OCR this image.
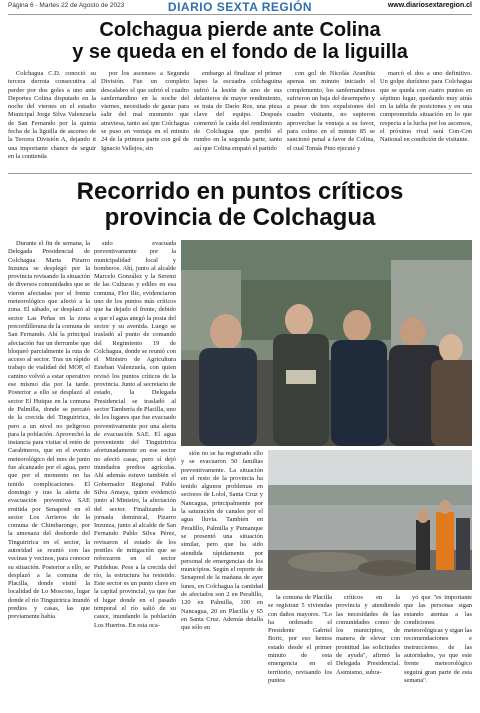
Página 6 - Martes 22 de Agosto de 2023	DIARIO SEXTA REGIÓN	www.diariosextaregion.cl
Colchagua pierde ante Colina
y se queda en el fondo de la liguilla

Colchagua C.D. conoció su tercera derrota consecutiva al perder por dos goles a uno ante Deportes Colina disputado en la noche del viernes en el estadio Municipal Jorge Silva Valenzuela de San Fernando por la quinta fecha de la liguilla de ascenso de la Tercera División A, dejando it una importante chance de seguir en la contienda

por los ascensos a Segunda División. Fue un completo descalabro el que sufrió el cuadro sanfernandino en la noche del viernes, necesitado de ganar para salir del mal momento que atraviesa, tanto así que Colchagua se puso en ventaja en el minuto 24 de la primera parte con gol de Ignacio Vallejos, sin

embargo al finalizar el primer lapso la escuadra colchaguina sufrió la lesión de uno de sus delanteros de mayor rendimiento, se trata de Darío Ros, una pieza clave del equipo. Después comenzó la caída del rendimiento de Colchagua que perdió el rumbo en la segunda parte, tanto así que Colina empató el partido

con gol de Nicolás Aranibia apenas un minuto iniciado el complemento, los sanfernandinos sufrieron un baja del desempeño y a pesar de tres expulsiones del cuadro visitante, no supieron aprovechar la ventaja a su favor, para colmo en el minuto 85 se sancionó penal a favor de Colina, el cual Tomás Pino ejecutó y

marcó el dos a uno definitivo. Un golpe durísimo para Colchagua que se queda con cuatro puntos en séptimo lugar, quedando muy atrás en la tabla de posiciones y en una comprometida situación en lo que respecta a la lucha por los ascensos, el próximo rival será Con-Con National en condición de visitante.

Recorrido en puntos críticos
provincia de Colchagua

Durante el fin de semana, la Delegada Presidencial de Colchagua Marta Pizarro Inzunza se desplegó por la provincia revisando la situación de diversos comunidades que se vieron afectadas por el frente meteorológico que afectó a la zona. El sábado, se desplazó al sector Las Peñas en la zona precordillerana de la comuna de San Fernando. Ahí la principal afectación fue un derrumbe que bloqueó parcialmente la ruta de acceso al sector. Tras un rápido trabajo de vialidad del MOP, el camino volvió a estar operativo ese mismo día por la tarde. Posterior a ello se desplazó al sector El Huique en la comuna de Palmilla, donde se percató de la crecida del Tinguiririca, pero a un nivel no peligroso para la población. Aprovechó la instancia para visitar el retén de Carabineros, que en el evento meteorológico del mes de junio fue alcanzado por el agua, pero que por el momento no ha tenido complicaciones. El domingo y tras la alerta de evacuación preventiva SAE emitida por Senapred en el sector Los Arrieros de la comuna de Chimbarongo, por la amenaza del desborde del Tinguiririca en el sector, la autoridad se reunió con las vecinas y vecinos, para conocer su situación. Posterior a ello, se desplazó a la comuna de Placilla, donde visitó la localidad de Lo Moscoso, lugar donde el río Tinguiririca inundó predios y casas, las que previamente había

sido evacuada preventivamente por la municipalidad local y bomberos. Ahí, junto al alcalde Marcelo González y la Seremi de las Culturas y ediles en esa comuna, Flor Ilic, evidenciaron uno de los puntos más críticos que ha dejado el frente, debido a que el agua anegó la posta del sector y su avenida. Luego se trasladó al punto de comando del Regimiento 19 de Colchagua, donde se reunió con el Ministro de Agricultura Esteban Valenzuela, con quien revisó los puntos críticos de la provincia. Junto al secretario de estado, la Delegada Presidencial se trasladó al sector Tambería de Placilla, uno de los lugares que fue evacuado preventivamente por una alerta de evacuación SAE. El agua proveniente del Tinguiririca afortunadamente en ese sector no afectó casas, pero sí dejó inundados predios agrícolas. Ahí además estuvo también el Gobernador Regional Pablo Silva Amaya, quien evidenció junto al Ministro, la afectación del sector. Finalizando la jornada dominical, Pizarro Inzunza, junto al alcalde de San Fernando Pablo Silva Pérez, revisaron el estado de los pretiles de mitigación que se reforzaron en el sector Puidehue. Pese a la crecida del río, la estructura ha resistido. Este sector es un punto clave en la capital provincial, ya que fue el lugar donde en el pasado temporal el río salió de su cauce, inundando la población Los Huertos. En esta oca-

sión no se ha registrado ello y se evacuaron 50 familias preventivamente. La situación en el resto de la provincia ha tenido algunos problemas en sectores de Lolol, Santa Cruz y Nancagua, principalmente por la saturación de canales por el agua lluvia. También en Peralillo, Palmilla y Pumanque se presentó una situación similar, pero que ha sido atendida rápidamente por personal de emergencias de los municipios. Según el reporte de Senapred de la mañana de ayer lunes, en Colchagua la cantidad de afectados son 2 en Peralillo, 120 en Palmilla, 100 en Nancagua, 20 en Placilla y 65 en Santa Cruz. Además detalla que sólo en

la comuna de Placilla se registran 5 viviendas con daños mayores. "Lo ha ordenado el Presidente Gabriel Boric, por eso hemos estado desde el primer minuto de esta emergencia en el territorio, revisando los puntos

críticos en la provincia y atendiendo las necesidades de las comunidades como de los municipios, de manera de elevar con prontitud las solicitudes de ayuda", afirmó la Delegada Presidencial. Asimismo, subra-

yó que "es importante que las personas sigan estando atentas a las condiciones meteorológicas y sigan las recomendaciones e instrucciones de las autoridades, ya que este frente meteorológico seguirá gran parte de esta semana".
